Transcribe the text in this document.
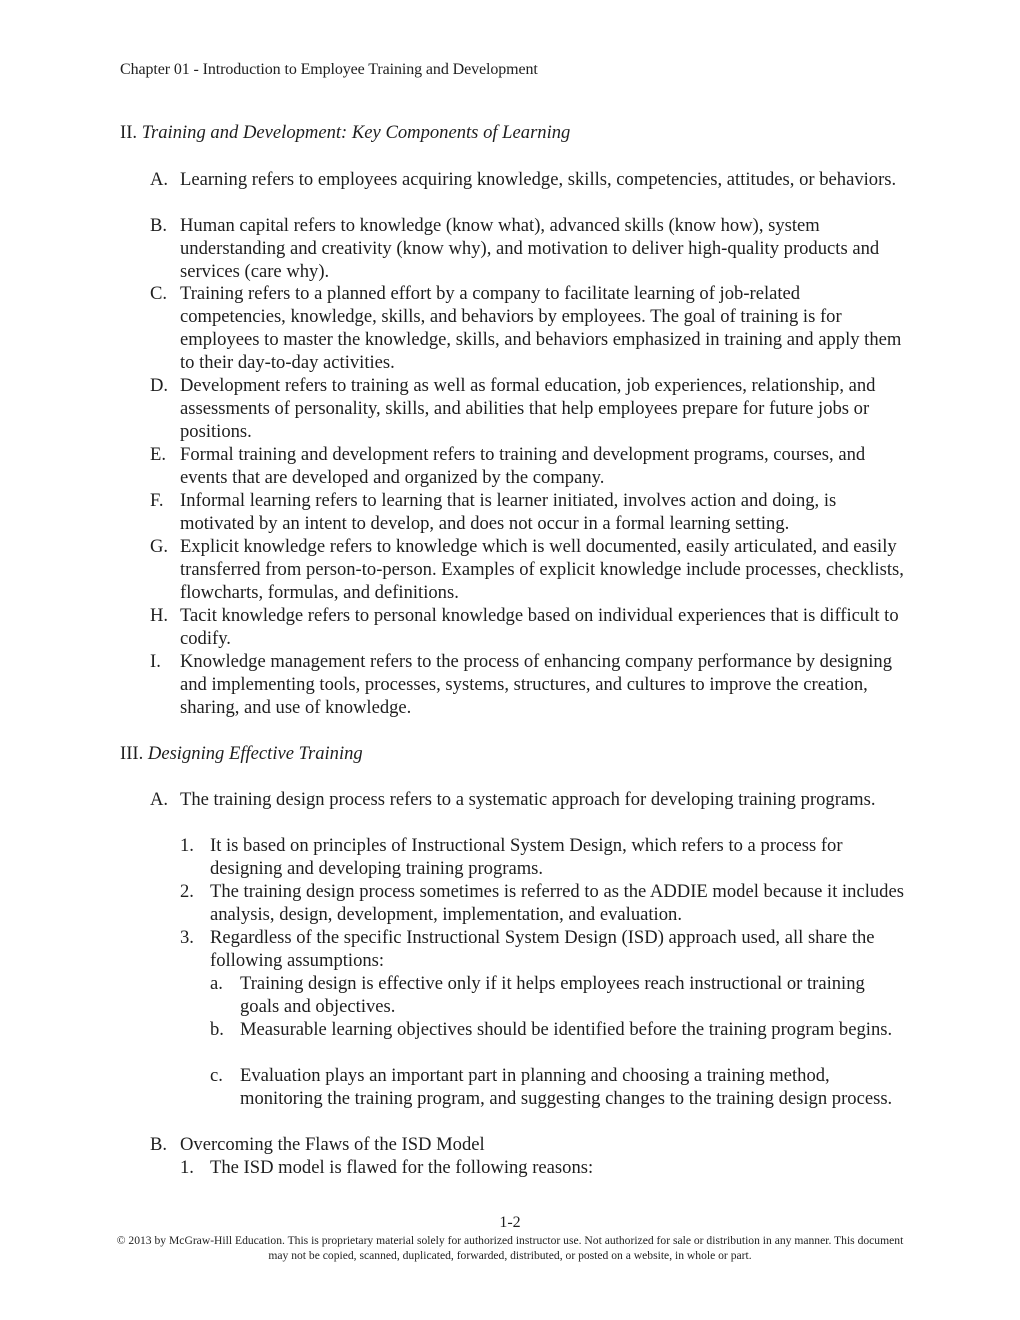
Chapter 01 - Introduction to Employee Training and Development
II. Training and Development: Key Components of Learning
A. Learning refers to employees acquiring knowledge, skills, competencies, attitudes, or behaviors.
B. Human capital refers to knowledge (know what), advanced skills (know how), system understanding and creativity (know why), and motivation to deliver high-quality products and services (care why).
C. Training refers to a planned effort by a company to facilitate learning of job-related competencies, knowledge, skills, and behaviors by employees. The goal of training is for employees to master the knowledge, skills, and behaviors emphasized in training and apply them to their day-to-day activities.
D. Development refers to training as well as formal education, job experiences, relationship, and assessments of personality, skills, and abilities that help employees prepare for future jobs or positions.
E. Formal training and development refers to training and development programs, courses, and events that are developed and organized by the company.
F. Informal learning refers to learning that is learner initiated, involves action and doing, is motivated by an intent to develop, and does not occur in a formal learning setting.
G. Explicit knowledge refers to knowledge which is well documented, easily articulated, and easily transferred from person-to-person. Examples of explicit knowledge include processes, checklists, flowcharts, formulas, and definitions.
H. Tacit knowledge refers to personal knowledge based on individual experiences that is difficult to codify.
I.	Knowledge management refers to the process of enhancing company performance by designing and implementing tools, processes, systems, structures, and cultures to improve the creation, sharing, and use of knowledge.
III. Designing Effective Training
A. The training design process refers to a systematic approach for developing training programs.
1. It is based on principles of Instructional System Design, which refers to a process for designing and developing training programs.
2. The training design process sometimes is referred to as the ADDIE model because it includes analysis, design, development, implementation, and evaluation.
3. Regardless of the specific Instructional System Design (ISD) approach used, all share the following assumptions:
a. Training design is effective only if it helps employees reach instructional or training goals and objectives.
b. Measurable learning objectives should be identified before the training program begins.
c. Evaluation plays an important part in planning and choosing a training method, monitoring the training program, and suggesting changes to the training design process.
B. Overcoming the Flaws of the ISD Model
1. The ISD model is flawed for the following reasons:
1-2
© 2013 by McGraw-Hill Education. This is proprietary material solely for authorized instructor use. Not authorized for sale or distribution in any manner. This document may not be copied, scanned, duplicated, forwarded, distributed, or posted on a website, in whole or part.
